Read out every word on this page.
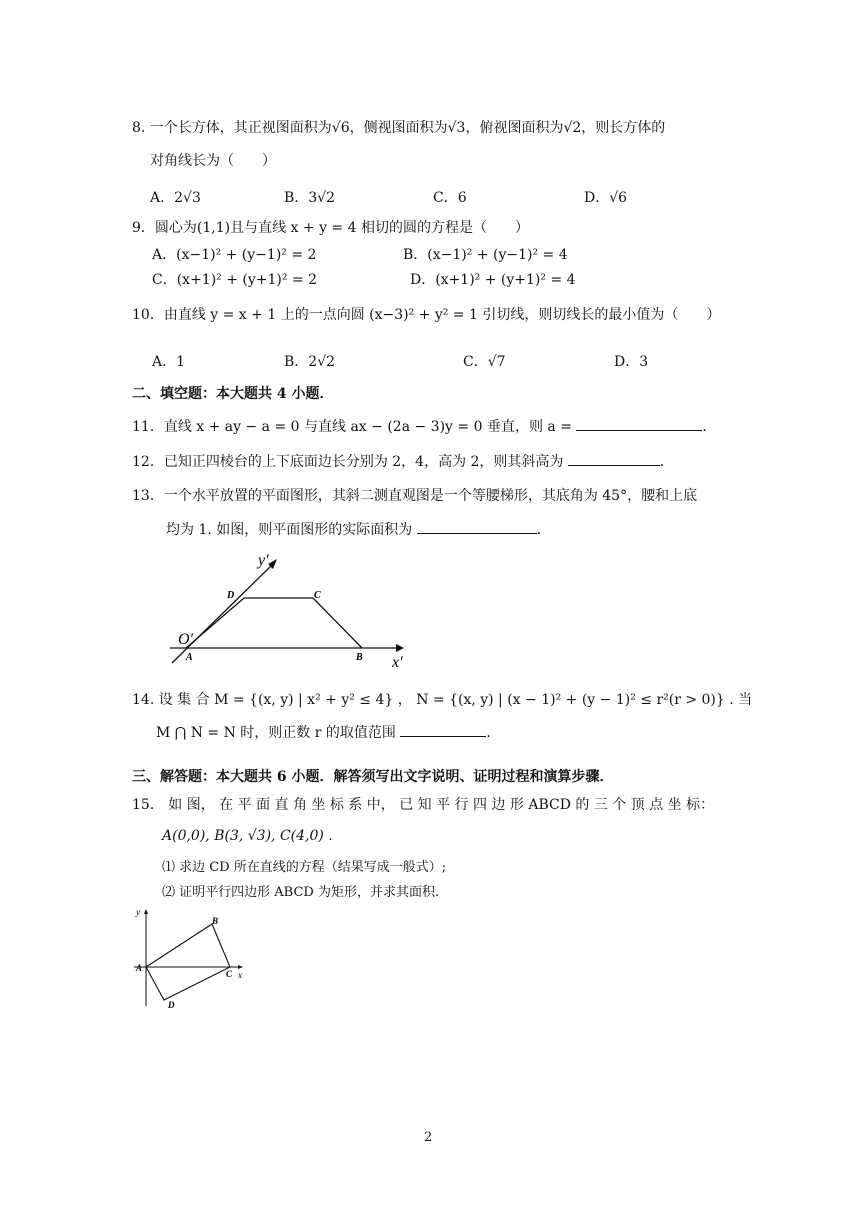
8. 一个长方体，其正视图面积为√6，侧视图面积为√3，俯视图面积为√2，则长方体的
对角线长为（　　）
A．2√3	B．3√2	C．6	D．√6
9．圆心为(1,1)且与直线 x + y = 4 相切的圆的方程是（　　）
A．(x−1)² + (y−1)² = 2	B．(x−1)² + (y−1)² = 4
C．(x+1)² + (y+1)² = 2	D．(x+1)² + (y+1)² = 4
10．由直线 y = x + 1 上的一点向圆 (x−3)² + y² = 1 引切线，则切线长的最小值为（　　）
A．1	B．2√2	C．√7	D．3
二、填空题：本大题共 4 小题．
11．直线 x + ay − a = 0 与直线 ax − (2a − 3)y = 0 垂直，则 a =	．
12．已知正四棱台的上下底面边长分别为 2，4，高为 2，则其斜高为	．
13．一个水平放置的平面图形，其斜二测直观图是一个等腰梯形，其底角为 45°，腰和上底
均为 1. 如图，则平面图形的实际面积为	．
y′
x′
O′
A	B
C
D
14. 设 集 合 M = {(x, y) | x² + y² ≤ 4} ， N = {(x, y) | (x − 1)² + (y − 1)² ≤ r²(r > 0)} . 当
M ⋂ N = N 时，则正数 r 的取值范围	．
三、解答题：本大题共 6 小题．解答须写出文字说明、证明过程和演算步骤．
15． 如 图， 在 平 面 直 角 坐 标 系 中， 已 知 平 行 四 边 形 ABCD 的 三 个 顶 点 坐 标：
A(0,0), B(3, √3), C(4,0) .
⑴ 求边 CD 所在直线的方程（结果写成一般式）;
⑵ 证明平行四边形 ABCD 为矩形，并求其面积.
y
x
A
B
C
D
2
